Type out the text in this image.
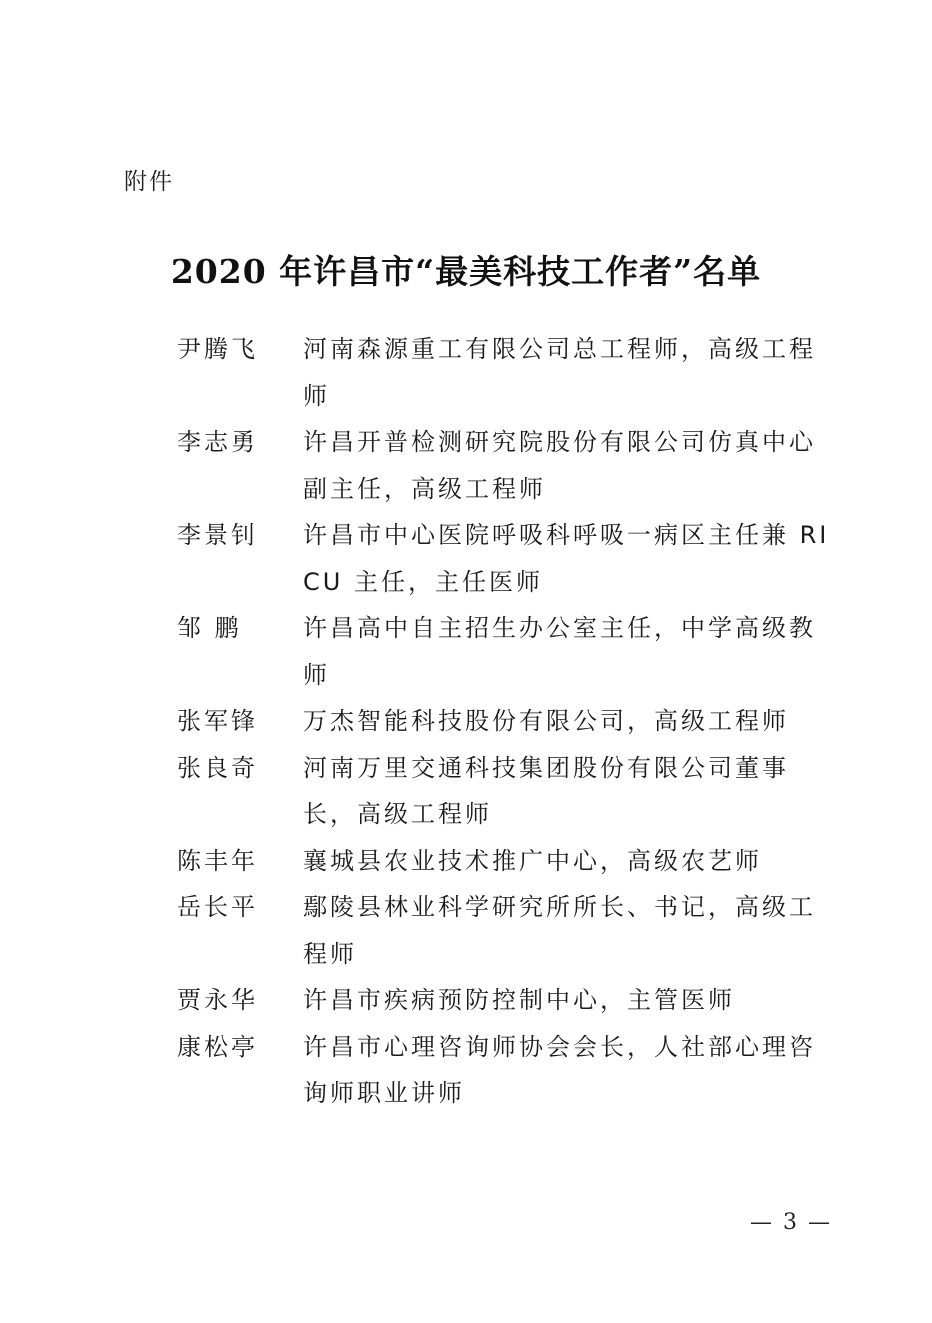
附件
2020 年许昌市“最美科技工作者”名单
尹腾飞	河南森源重工有限公司总工程师，高级工程师
李志勇	许昌开普检测研究院股份有限公司仿真中心副主任，高级工程师
李景钊	许昌市中心医院呼吸科呼吸一病区主任兼 RICU 主任，主任医师
邹 鹏	许昌高中自主招生办公室主任，中学高级教师
张军锋	万杰智能科技股份有限公司，高级工程师
张良奇	河南万里交通科技集团股份有限公司董事长，高级工程师
陈丰年	襄城县农业技术推广中心，高级农艺师
岳长平	鄢陵县林业科学研究所所长、书记，高级工程师
贾永华	许昌市疾病预防控制中心，主管医师
康松亭	许昌市心理咨询师协会会长，人社部心理咨询师职业讲师
— 3 —
